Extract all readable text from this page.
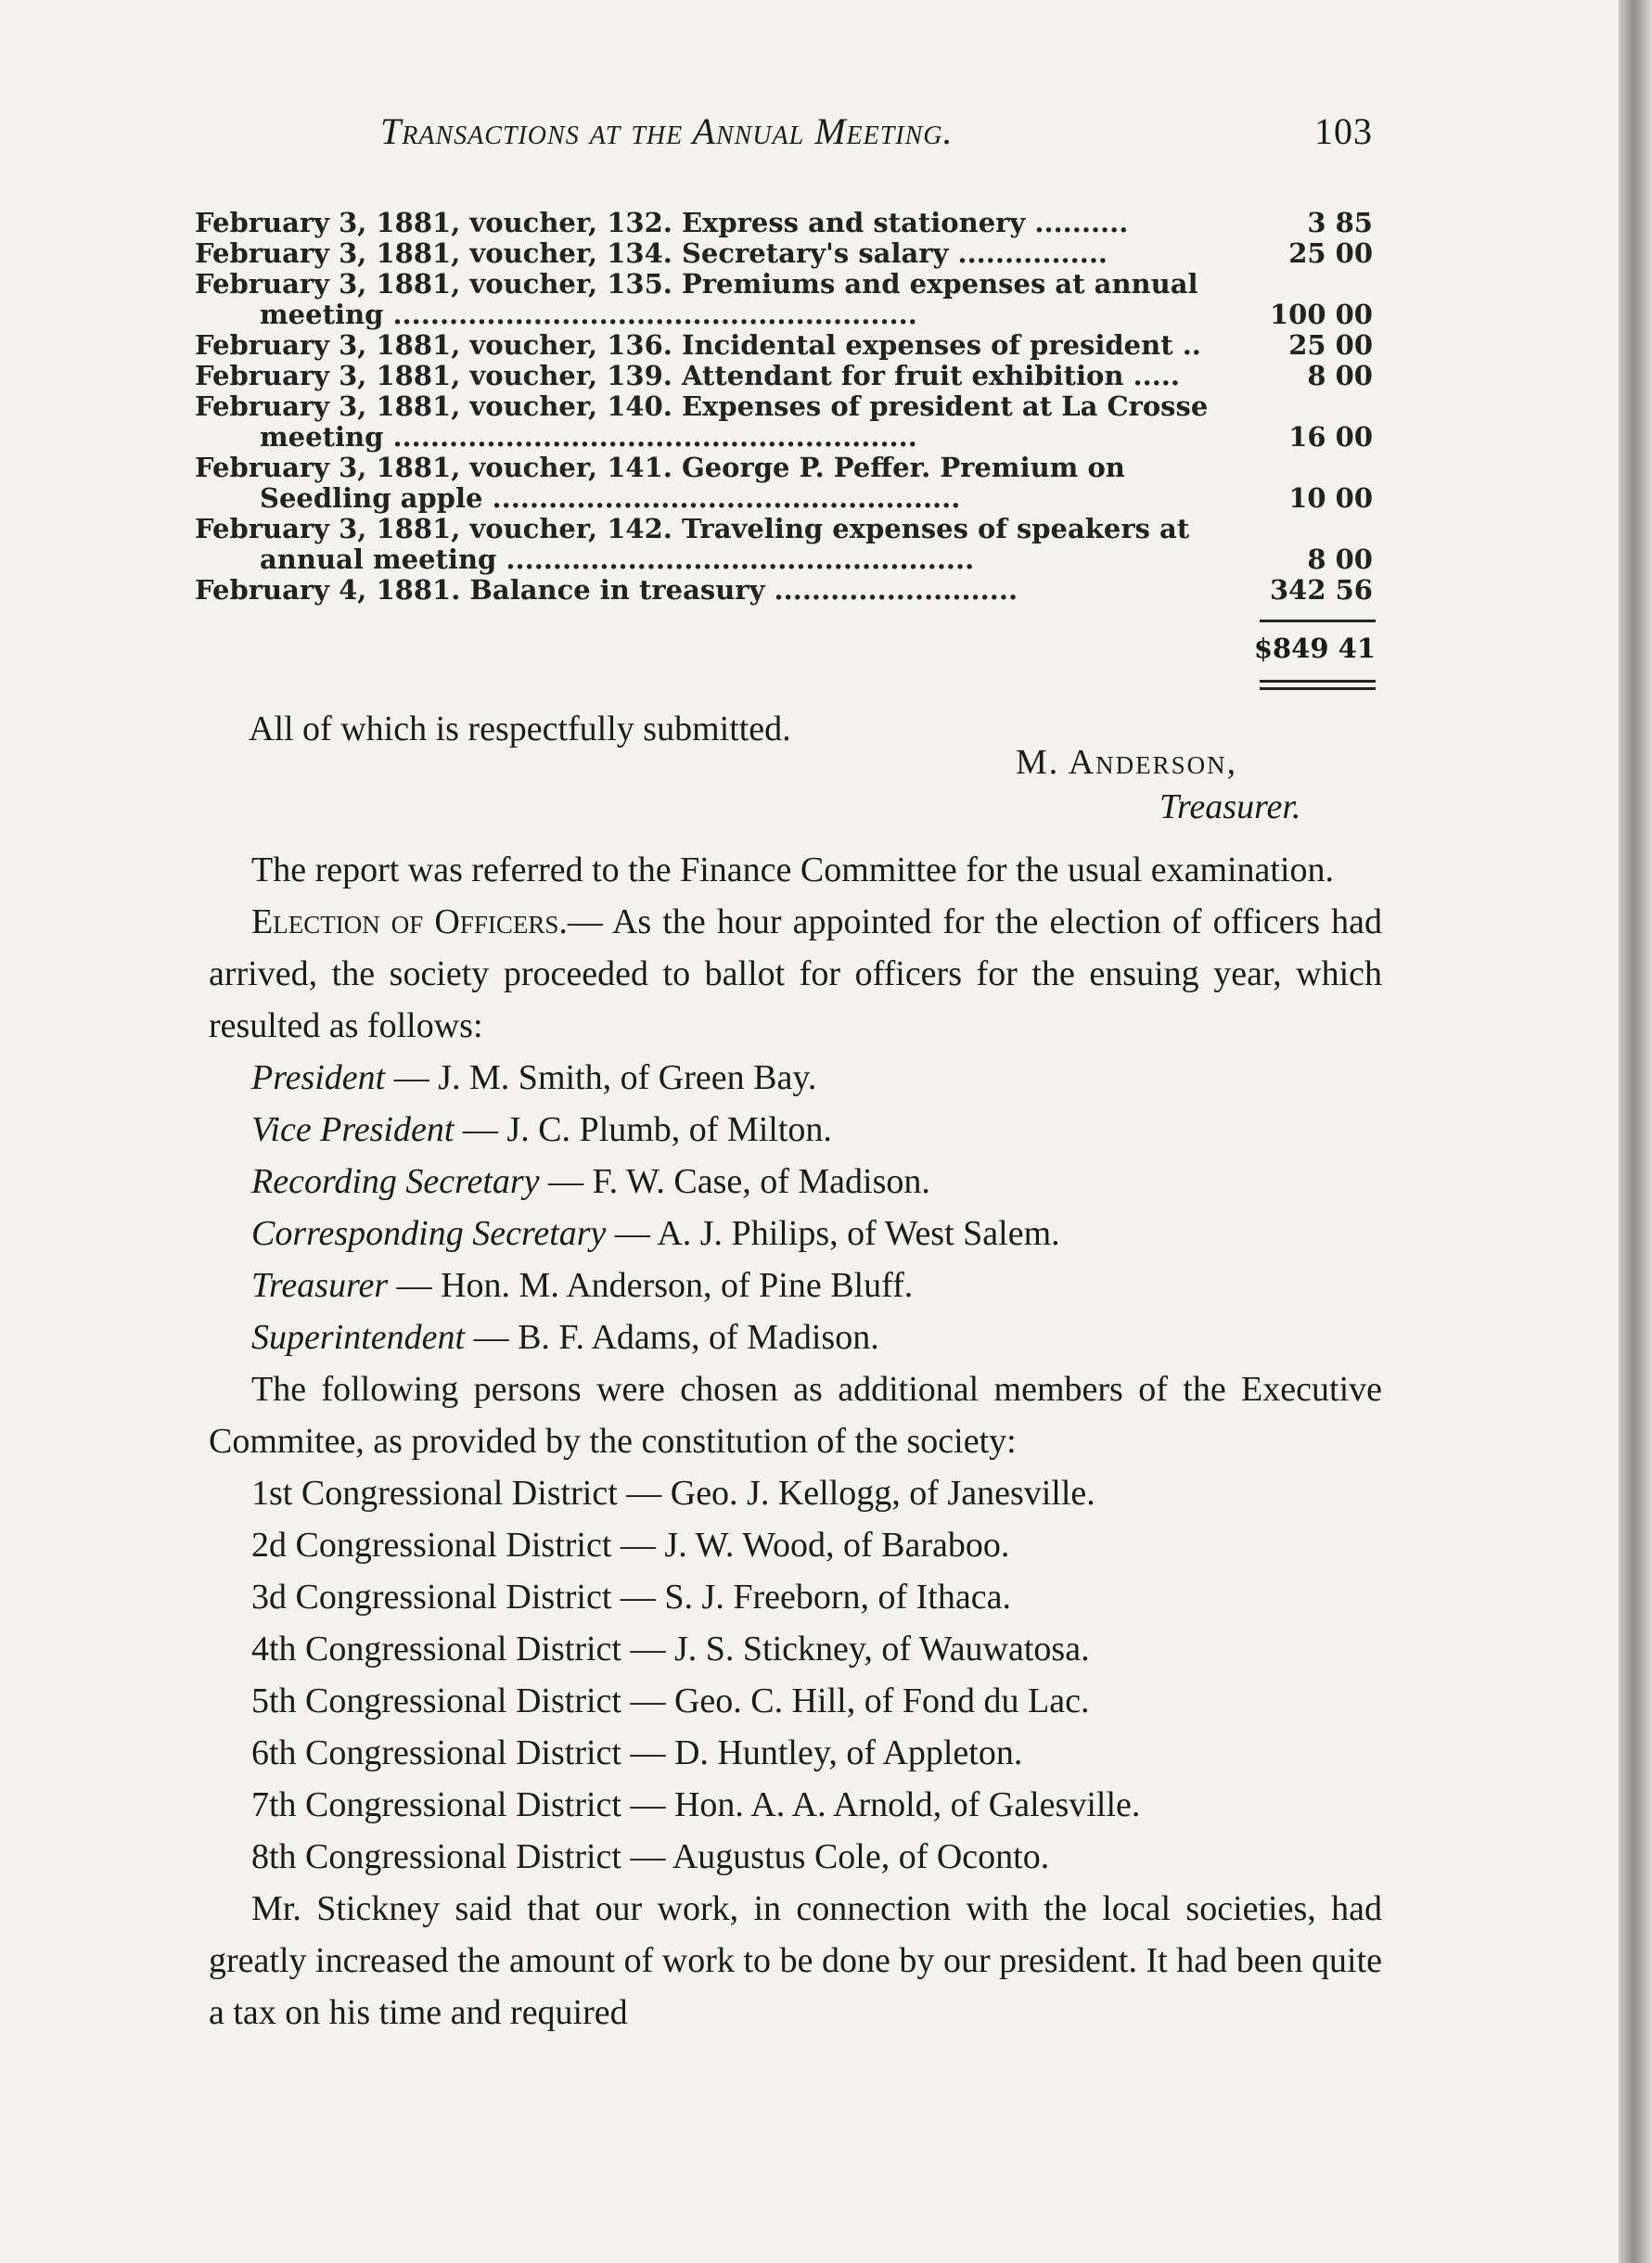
Transactions at the Annual Meeting.	103
February 3, 1881, voucher, 132. Express and stationery ..........	3 85
February 3, 1881, voucher, 134. Secretary's salary ................	25 00
February 3, 1881, voucher, 135. Premiums and expenses at annual
meeting ........................................................	100 00
February 3, 1881, voucher, 136. Incidental expenses of president ..	25 00
February 3, 1881, voucher, 139. Attendant for fruit exhibition .....	8 00
February 3, 1881, voucher, 140. Expenses of president at La Crosse
meeting ........................................................	16 00
February 3, 1881, voucher, 141. George P. Peffer. Premium on
Seedling apple ..................................................	10 00
February 3, 1881, voucher, 142. Traveling expenses of speakers at
annual meeting ..................................................	8 00
February 4, 1881. Balance in treasury ..........................	342 56
$849 41

All of which is respectfully submitted.

M. Anderson,
Treasurer.

The report was referred to the Finance Committee for the usual examination.

Election of Officers.— As the hour appointed for the election of officers had arrived, the society proceeded to ballot for officers for the ensuing year, which resulted as follows:

President — J. M. Smith, of Green Bay.

Vice President — J. C. Plumb, of Milton.

Recording Secretary — F. W. Case, of Madison.

Corresponding Secretary — A. J. Philips, of West Salem.

Treasurer — Hon. M. Anderson, of Pine Bluff.

Superintendent — B. F. Adams, of Madison.

The following persons were chosen as additional members of the Executive Commitee, as provided by the constitution of the society:

1st Congressional District — Geo. J. Kellogg, of Janesville.

2d Congressional District — J. W. Wood, of Baraboo.

3d Congressional District — S. J. Freeborn, of Ithaca.

4th Congressional District — J. S. Stickney, of Wauwatosa.

5th Congressional District — Geo. C. Hill, of Fond du Lac.

6th Congressional District — D. Huntley, of Appleton.

7th Congressional District — Hon. A. A. Arnold, of Galesville.

8th Congressional District — Augustus Cole, of Oconto.

Mr. Stickney said that our work, in connection with the local societies, had greatly increased the amount of work to be done by our president. It had been quite a tax on his time and required
